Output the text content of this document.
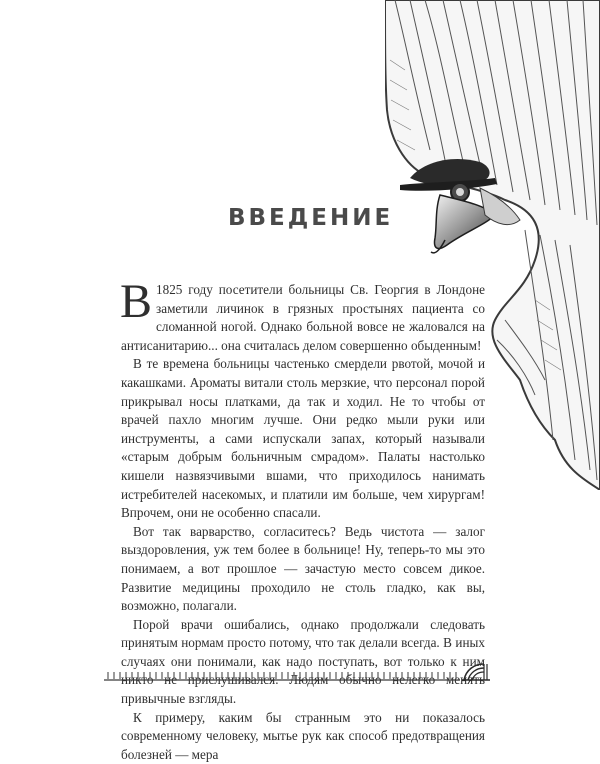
ВВЕДЕНИЕ

В 1825 году посетители больницы Св. Георгия в Лондоне заметили личинок в грязных простынях пациента со сломанной ногой. Однако больной вовсе не жаловался на антисанитарию... она считалась делом совершенно обыденным!

В те времена больницы частенько смердели рвотой, мочой и какашками. Ароматы витали столь мерзкие, что персонал порой прикрывал носы платками, да так и ходил. Не то чтобы от врачей пахло многим лучше. Они редко мыли руки или инструменты, а сами испускали запах, который называли «старым добрым больничным смрадом». Палаты настолько кишели назвязчивыми вшами, что приходилось нанимать истребителей насекомых, и платили им больше, чем хирургам! Впрочем, они не особенно спасали.

Вот так варварство, согласитесь? Ведь чистота — залог выздоровления, уж тем более в больнице! Ну, теперь-то мы это понимаем, а вот прошлое — зачастую место совсем дикое. Развитие медицины проходило не столь гладко, как вы, возможно, полагали.

Порой врачи ошибались, однако продолжали следовать принятым нормам просто потому, что так делали всегда. В иных случаях они понимали, как надо поступать, вот только к ним никто не прислушивался. Людям обычно нелегко менять привычные взгляды.

К примеру, каким бы странным это ни показалось современному человеку, мытье рук как способ предотвращения болезней — мера
